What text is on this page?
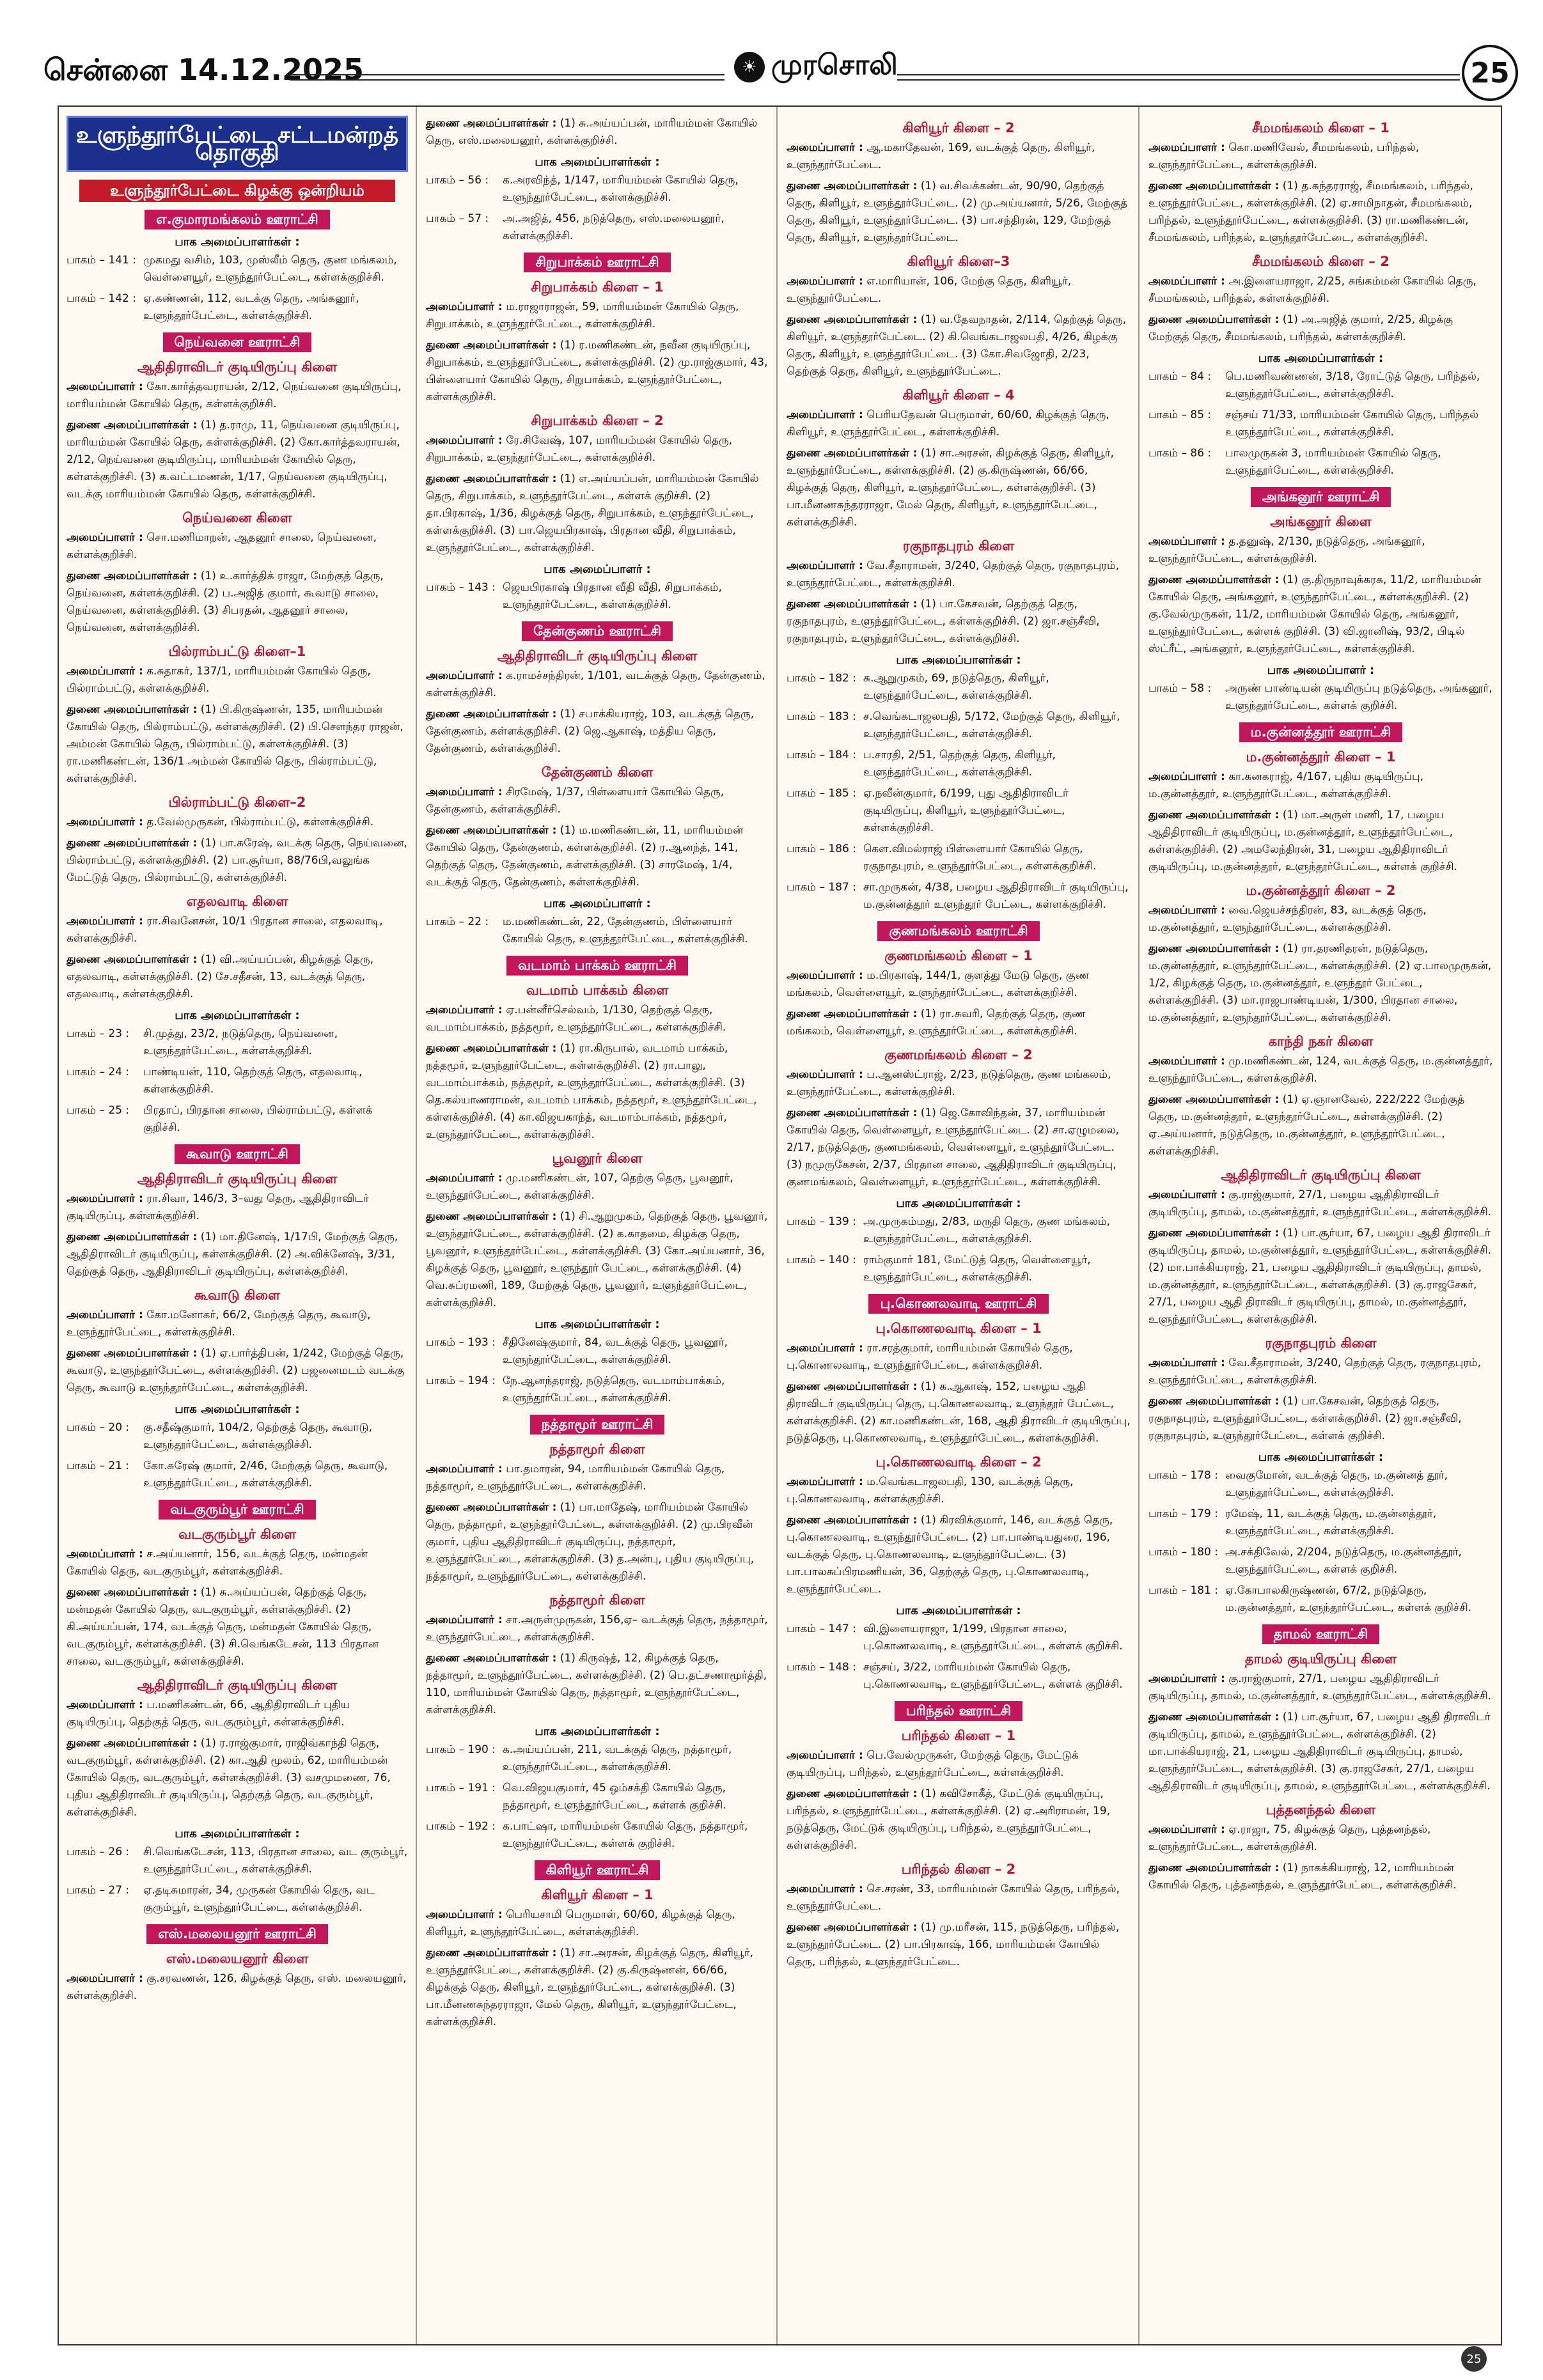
சென்னை 14.12.2025	☀ முரசொலி	25
உளுந்தூர்பேட்டை சட்டமன்றத் தொகுதி
உளுந்தூர்பேட்டை கிழக்கு ஒன்றியம்
எ.குமாரமங்கலம் ஊராட்சி
பாக அமைப்பாளர்கள் :
பாகம் – 141 : முகமது வசிம், 103, முஸ்லீம் தெரு, குண மங்கலம், வெள்ளையூர், உளுந்தூர்பேட்டை, கள்ளக்குறிச்சி.
பாகம் – 142 : ஏ.கண்ணன், 112, வடக்கு தெரு, அங்கனூர், உளுந்தூர்பேட்டை, கள்ளக்குறிச்சி.
நெய்வனை ஊராட்சி
ஆதிதிராவிடர் குடியிருப்பு கிளை
அமைப்பாளர் : கோ.கார்த்தவராயன், 2/12, நெய்வனை குடியிருப்பு, மாரியம்மன் கோயில் தெரு, கள்ளக்குறிச்சி.
துணை அமைப்பாளர்கள் : (1) த.ராமு, 11, நெய்வனை குடியிருப்பு, மாரியம்மன் கோயில் தெரு, கள்ளக்குறிச்சி. (2) கோ.கார்த்தவராயன், 2/12, நெய்வனை குடியிருப்பு, மாரியம்மன் கோயில் தெரு, கள்ளக்குறிச்சி. (3) க.வட்டமணன், 1/17, நெய்வனை குடியிருப்பு, வடக்கு மாரியம்மன் கோயில் தெரு, கள்ளக்குறிச்சி.
நெய்வனை கிளை
அமைப்பாளர் : சொ.மணிமாறன், ஆதனூர் சாலை, நெய்வனை, கள்ளக்குறிச்சி.
துணை அமைப்பாளர்கள் : (1) உ.கார்த்திக் ராஜா, மேற்குத் தெரு, நெய்வனை, கள்ளக்குறிச்சி. (2) ப.அஜித் குமார், கூவாடு சாலை, நெய்வனை, கள்ளக்குறிச்சி. (3) சிபரதன், ஆதனூர் சாலை, நெய்வனை, கள்ளக்குறிச்சி.
பில்ராம்பட்டு கிளை–1
அமைப்பாளர் : க.சுதாகர், 137/1, மாரியம்மன் கோயில் தெரு, பில்ராம்பட்டு, கள்ளக்குறிச்சி.
துணை அமைப்பாளர்கள் : (1) பி.கிருஷ்ணன், 135, மாரியம்மன் கோயில் தெரு, பில்ராம்பட்டு, கள்ளக்குறிச்சி. (2) பி.செளந்தர ராஜன், அம்மன் கோயில் தெரு, பில்ராம்பட்டு, கள்ளக்குறிச்சி. (3) ரா.மணிகண்டன், 136/1 அம்மன் கோயில் தெரு, பில்ராம்பட்டு, கள்ளக்குறிச்சி.
பில்ராம்பட்டு கிளை–2
அமைப்பாளர் : த.வேல்முருகன், பில்ராம்பட்டு, கள்ளக்குறிச்சி.
துணை அமைப்பாளர்கள் : (1) பா.சுரேஷ், வடக்கு தெரு, நெய்வனை, பில்ராம்பட்டு, கள்ளக்குறிச்சி. (2) பா.சூர்யா, 88/76பி,வலுங்க மேட்டுத் தெரு, பில்ராம்பட்டு, கள்ளக்குறிச்சி.
எதலவாடி கிளை
அமைப்பாளர் : ரா.சிவனேசன், 10/1 பிரதான சாலை, எதலவாடி, கள்ளக்குறிச்சி.
துணை அமைப்பாளர்கள் : (1) வி.அய்யப்பன், கிழக்குத் தெரு, எதலவாடி, கள்ளக்குறிச்சி. (2) சே.சதீசன், 13, வடக்குத் தெரு, எதலவாடி, கள்ளக்குறிச்சி.
பாக அமைப்பாளர்கள் :
பாகம் – 23 :	சி.முத்து, 23/2, நடுத்தெரு, நெய்வனை, உளுந்தூர்பேட்டை, கள்ளக்குறிச்சி.
பாகம் – 24 :	பாண்டியன், 110, தெற்குத் தெரு, எதலவாடி, கள்ளக்குறிச்சி.
பாகம் – 25 :	பிரதாப், பிரதான சாலை, பில்ராம்பட்டு, கள்ளக் குறிச்சி.
கூவாடு ஊராட்சி
ஆதிதிராவிடர் குடியிருப்பு கிளை
அமைப்பாளர் : ரா.சிவா, 146/3, 3–வது தெரு, ஆதிதிராவிடர் குடியிருப்பு, கள்ளக்குறிச்சி.
துணை அமைப்பாளர்கள் : (1) மா.தினேஷ், 1/17பி, மேற்குத் தெரு, ஆதிதிராவிடர் குடியிருப்பு, கள்ளக்குறிச்சி. (2) அ.விக்னேஷ், 3/31, தெற்குத் தெரு, ஆதிதிராவிடர் குடியிருப்பு, கள்ளக்குறிச்சி.
கூவாடு கிளை
அமைப்பாளர் : கோ.மனோகர், 66/2, மேற்குத் தெரு, கூவாடு, உளுந்தூர்பேட்டை, கள்ளக்குறிச்சி.
துணை அமைப்பாளர்கள் : (1) ஏ.பார்த்திபன், 1/242, மேற்குத் தெரு, கூவாடு, உளுந்தூர்பேட்டை, கள்ளக்குறிச்சி. (2) பஜனைமடம் வடக்கு தெரு, கூவாடு உளுந்தூர்பேட்டை, கள்ளக்குறிச்சி.
பாக அமைப்பாளர்கள் :
பாகம் – 20 :	கு.சதீஷ்குமார், 104/2, தெற்குத் தெரு, கூவாடு, உளுந்தூர்பேட்டை, கள்ளக்குறிச்சி.
பாகம் – 21 :	கோ.சுரேஷ் குமார், 2/46, மேற்குத் தெரு, கூவாடு, உளுந்தூர்பேட்டை, கள்ளக்குறிச்சி.
வடகுரும்பூர் ஊராட்சி
வடகுரும்பூர் கிளை
அமைப்பாளர் : ச.அய்யனார், 156, வடக்குத் தெரு, மன்மதன் கோயில் தெரு, வடகுரும்பூர், கள்ளக்குறிச்சி.
துணை அமைப்பாளர்கள் : (1) சு.அய்யப்பன், தெற்குத் தெரு, மன்மதன் கோயில் தெரு, வடகுரும்பூர், கள்ளக்குறிச்சி. (2) கி.அய்யப்பன், 174, வடக்குத் தெரு, மன்மதன் கோயில் தெரு, வடகுரும்பூர், கள்ளக்குறிச்சி. (3) சி.வெங்கடேசன், 113 பிரதான சாலை, வடகுரும்பூர், கள்ளக்குறிச்சி.
ஆதிதிராவிடர் குடியிருப்பு கிளை
அமைப்பாளர் : ப.மணிகண்டன், 66, ஆதிதிராவிடர் புதிய குடியிருப்பு, தெற்குத் தெரு, வடகுரும்பூர், கள்ளக்குறிச்சி.
துணை அமைப்பாளர்கள் : (1) ர.ராஜ்குமார், ராஜிவ்காந்தி தெரு, வடகுரும்பூர், கள்ளக்குறிச்சி. (2) கா.ஆதி மூலம், 62, மாரியம்மன் கோயில் தெரு, வடகுரும்பூர், கள்ளக்குறிச்சி. (3) வசமுமணை, 76, புதிய ஆதிதிராவிடர் குடியிருப்பு, தெற்குத் தெரு, வடகுரும்பூர், கள்ளக்குறிச்சி.
பாக அமைப்பாளர்கள் :
பாகம் – 26 :	சி.வெங்கடேசன், 113, பிரதான சாலை, வட குரும்பூர், உளுந்தூர்பேட்டை, கள்ளக்குறிச்சி.
பாகம் – 27 :	ஏ.தடிசுமாரன், 34, முருகன் கோயில் தெரு, வட குரும்பூர், உளுந்தூர்பேட்டை, கள்ளக்குறிச்சி.
எஸ்.மலையனூர் ஊராட்சி
எஸ்.மலையனூர் கிளை
அமைப்பாளர் : கு.சரவணன், 126, கிழக்குத் தெரு, எஸ். மலையனூர், கள்ளக்குறிச்சி.
துணை அமைப்பாளர்கள் : (1) சு.அய்யப்பன், மாரியம்மன் கோயில் தெரு, எஸ்.மலையனூர், கள்ளக்குறிச்சி.
பாக அமைப்பாளர்கள் :
பாகம் – 56 :	க.அரவிந்த், 1/147, மாரியம்மன் கோயில் தெரு, உளுந்தூர்பேட்டை, கள்ளக்குறிச்சி.
பாகம் – 57 :	அ.அஜித், 456, நடுத்தெரு, எஸ்.மலையனூர், கள்ளக்குறிச்சி.
சிறுபாக்கம் ஊராட்சி
சிறுபாக்கம் கிளை – 1
அமைப்பாளர் : ம.ராஜாராஜன், 59, மாரியம்மன் கோயில் தெரு, சிறுபாக்கம், உளுந்தூர்பேட்டை, கள்ளக்குறிச்சி.
துணை அமைப்பாளர்கள் : (1) ர.மணிகண்டன், நவீன குடியிருப்பு, சிறுபாக்கம், உளுந்தூர்பேட்டை, கள்ளக்குறிச்சி. (2) மு.ராஜ்குமார், 43, பிள்ளையார் கோயில் தெரு, சிறுபாக்கம், உளுந்தூர்பேட்டை, கள்ளக்குறிச்சி.
சிறுபாக்கம் கிளை – 2
அமைப்பாளர் : ரே.சிவேஷ், 107, மாரியம்மன் கோயில் தெரு, சிறுபாக்கம், உளுந்தூர்பேட்டை, கள்ளக்குறிச்சி.
துணை அமைப்பாளர்கள் : (1) எ.அய்யப்பன், மாரியம்மன் கோயில் தெரு, சிறுபாக்கம், உளுந்தூர்பேட்டை, கள்ளக் குறிச்சி. (2) தா.பிரகாஷ், 1/36, கிழக்குத் தெரு, சிறுபாக்கம், உளுந்தூர்பேட்டை, கள்ளக்குறிச்சி. (3) பா.ஜெயபிரகாஷ், பிரதான வீதி, சிறுபாக்கம், உளுந்தூர்பேட்டை, கள்ளக்குறிச்சி.
பாக அமைப்பாளர் :
பாகம் – 143 : ஜெயபிரகாஷ் பிரதான வீதி வீதி, சிறுபாக்கம், உளுந்தூர்பேட்டை, கள்ளக்குறிச்சி.
தேன்குணம் ஊராட்சி
ஆதிதிராவிடர் குடியிருப்பு கிளை
அமைப்பாளர் : க.ராமச்சந்திரன், 1/101, வடக்குத் தெரு, தேன்குணம், கள்ளக்குறிச்சி.
துணை அமைப்பாளர்கள் : (1) சபாக்கியராஜ், 103, வடக்குத் தெரு, தேன்குணம், கள்ளக்குறிச்சி. (2) ஜெ.ஆகாஷ், மத்திய தெரு, தேன்குணம், கள்ளக்குறிச்சி.
தேன்குணம் கிளை
அமைப்பாளர் : சிரமேஷ், 1/37, பிள்ளையார் கோயில் தெரு, தேன்குணம், கள்ளக்குறிச்சி.
துணை அமைப்பாளர்கள் : (1) ம.மணிகண்டன், 11, மாரியம்மன் கோயில் தெரு, தேன்குணம், கள்ளக்குறிச்சி. (2) ர.ஆனந்த், 141, தெற்குத் தெரு, தேன்குணம், கள்ளக்குறிச்சி. (3) சாரமேஷ், 1/4, வடக்குத் தெரு, தேன்குணம், கள்ளக்குறிச்சி.
பாக அமைப்பாளர் :
பாகம் – 22 :	ம.மணிகண்டன், 22, தேன்குணம், பிள்ளையார் கோயில் தெரு, உளுந்தூர்பேட்டை, கள்ளக்குறிச்சி.
வடமாம் பாக்கம் ஊராட்சி
வடமாம் பாக்கம் கிளை
அமைப்பாளர் : ஏ.பன்னீர்செல்வம், 1/130, தெற்குத் தெரு, வடமாம்பாக்கம், நத்தமூர், உளுந்தூர்பேட்டை, கள்ளக்குறிச்சி.
துணை அமைப்பாளர்கள் : (1) ரா.கிருபால், வடமாம் பாக்கம், நத்தமூர், உளுந்தூர்பேட்டை, கள்ளக்குறிச்சி. (2) ரா.பாலு, வடமாம்பாக்கம், நத்தமூர், உளுந்தூர்பேட்டை, கள்ளக்குறிச்சி. (3) தெ.கல்யாணராமன், வடமாம் பாக்கம், நத்தமூர், உளுந்தூர்பேட்டை, கள்ளக்குறிச்சி. (4) கா.விஜயகாந்த், வடமாம்பாக்கம், நத்தமூர், உளுந்தூர்பேட்டை, கள்ளக்குறிச்சி.
பூவனூர் கிளை
அமைப்பாளர் : மு.மணிகண்டன், 107, தெற்கு தெரு, பூவனூர், உளுந்தூர்பேட்டை, கள்ளக்குறிச்சி.
துணை அமைப்பாளர்கள் : (1) சி.ஆறுமுகம், தெற்குத் தெரு, பூவனூர், உளுந்தூர்பேட்டை, கள்ளக்குறிச்சி. (2) க.காதமை, கிழக்கு தெரு, பூவனூர், உளுந்தூர்பேட்டை, கள்ளக்குறிச்சி. (3) கோ.அய்யனார், 36, கிழக்குத் தெரு, பூவனூர், உளுந்தூர் பேட்டை, கள்ளக்குறிச்சி. (4) வெ.சுப்ரமணி, 189, மேற்குத் தெரு, பூவனூர், உளுந்தூர்பேட்டை, கள்ளக்குறிச்சி.
பாக அமைப்பாளர்கள் :
பாகம் – 193 : சீதினேஷ்குமார், 84, வடக்குத் தெரு, பூவனூர், உளுந்தூர்பேட்டை, கள்ளக்குறிச்சி.
பாகம் – 194 : நே.ஆனந்தராஜ், நடுத்தெரு, வடமாம்பாக்கம், உளுந்தூர்பேட்டை, கள்ளக்குறிச்சி.
நத்தாமூர் ஊராட்சி
நத்தாமூர் கிளை
அமைப்பாளர் : பா.தமாரன், 94, மாரியம்மன் கோயில் தெரு, நத்தாமூர், உளுந்தூர்பேட்டை, கள்ளக்குறிச்சி.
துணை அமைப்பாளர்கள் : (1) பா.மாதேஷ், மாரியம்மன் கோயில் தெரு, நத்தாமூர், உளுந்தூர்பேட்டை, கள்ளக்குறிச்சி. (2) மு.பிரவீன் குமார், புதிய ஆதிதிராவிடர் குடியிருப்பு, நத்தாமூர், உளுந்தூர்பேட்டை, கள்ளக்குறிச்சி. (3) த.அன்பு, புதிய குடியிருப்பு, நத்தாமூர், உளுந்தூர்பேட்டை, கள்ளக்குறிச்சி.
நத்தாமூர் கிளை
அமைப்பாளர் : சா.அருள்முருகன், 156,ஏ– வடக்குத் தெரு, நத்தாமூர், உளுந்தூர்பேட்டை, கள்ளக்குறிச்சி.
துணை அமைப்பாளர்கள் : (1) கிருஷ்த், 12, கிழக்குத் தெரு, நத்தாமூர், உளுந்தூர்பேட்டை, கள்ளக்குறிச்சி. (2) பெ.தட்சணாமூர்த்தி, 110, மாரியம்மன் கோயில் தெரு, நத்தாமூர், உளுந்தூர்பேட்டை, கள்ளக்குறிச்சி.
பாக அமைப்பாளர்கள் :
பாகம் – 190 : க.அய்யப்பன், 211, வடக்குத் தெரு, நத்தாமூர், உளுந்தூர்பேட்டை, கள்ளக்குறிச்சி.
பாகம் – 191 : வெ.விஜயகுமார், 45 ஒம்சக்தி கோயில் தெரு, நத்தாமூர், உளுந்தூர்பேட்டை, கள்ளக் குறிச்சி.
பாகம் – 192 : க.பாட்ஷா, மாரியம்மன் கோயில் தெரு, நத்தாமூர், உளுந்தூர்பேட்டை, கள்ளக் குறிச்சி.
கிளியூர் ஊராட்சி
கிளியூர் கிளை – 1
அமைப்பாளர் : பெரியசாமி பெருமாள், 60/60, கிழக்குத் தெரு, கிளியூர், உளுந்தூர்பேட்டை, கள்ளக்குறிச்சி.
துணை அமைப்பாளர்கள் : (1) சா.அரசன், கிழக்குத் தெரு, கிளியூர், உளுந்தூர்பேட்டை, கள்ளக்குறிச்சி. (2) கு.கிருஷ்ணன், 66/66, கிழக்குத் தெரு, கிளியூர், உளுந்தூர்பேட்டை, கள்ளக்குறிச்சி. (3) பா.மீனணசுந்தரராஜா, மேல் தெரு, கிளியூர், உளுந்தூர்பேட்டை, கள்ளக்குறிச்சி.
கிளியூர் கிளை – 2
அமைப்பாளர் : ஆ.மகாதேவன், 169, வடக்குத் தெரு, கிளியூர், உளுந்தூர்பேட்டை.
துணை அமைப்பாளர்கள் : (1) வ.சிவக்கண்டன், 90/90, தெற்குத் தெரு, கிளியூர், உளுந்தூர்பேட்டை. (2) மு.அய்யனார், 5/26, மேற்குத் தெரு, கிளியூர், உளுந்தூர்பேட்டை. (3) பா.சந்திரன், 129, மேற்குத் தெரு, கிளியூர், உளுந்தூர்பேட்டை.
கிளியூர் கிளை–3
அமைப்பாளர் : எ.மாரியான், 106, மேற்கு தெரு, கிளியூர், உளுந்தூர்பேட்டை.
துணை அமைப்பாளர்கள் : (1) வ.தேவநாதன், 2/114, தெற்குத் தெரு, கிளியூர், உளுந்தூர்பேட்டை. (2) கி.வெங்கடாஜலபதி, 4/26, கிழக்கு தெரு, கிளியூர், உளுந்தூர்பேட்டை. (3) கோ.சிவஜோதி, 2/23, தெற்குத் தெரு, கிளியூர், உளுந்தூர்பேட்டை.
கிளியூர் கிளை – 4
அமைப்பாளர் : பெரியதேவன் பெருமாள், 60/60, கிழக்குத் தெரு, கிளியூர், உளுந்தூர்பேட்டை, கள்ளக்குறிச்சி.
துணை அமைப்பாளர்கள் : (1) சா.அரசன், கிழக்குத் தெரு, கிளியூர், உளுந்தூர்பேட்டை, கள்ளக்குறிச்சி. (2) கு.கிருஷ்ணன், 66/66, கிழக்குத் தெரு, கிளியூர், உளுந்தூர்பேட்டை, கள்ளக்குறிச்சி. (3) பா.மீனணசுந்தரராஜா, மேல் தெரு, கிளியூர், உளுந்தூர்பேட்டை, கள்ளக்குறிச்சி.
ரகுநாதபுரம் கிளை
அமைப்பாளர் : வே.சீதாராமன், 3/240, தெற்குத் தெரு, ரகுநாதபுரம், உளுந்தூர்பேட்டை, கள்ளக்குறிச்சி.
துணை அமைப்பாளர்கள் : (1) பா.கேசவன், தெற்குத் தெரு, ரகுநாதபுரம், உளுந்தூர்பேட்டை, கள்ளக்குறிச்சி. (2) ஜா.சஞ்சீவி, ரகுநாதபுரம், உளுந்தூர்பேட்டை, கள்ளக்குறிச்சி.
பாக அமைப்பாளர்கள் :
பாகம் – 182 : சு.ஆறுமுகம், 69, நடுத்தெரு, கிளியூர், உளுந்தூர்பேட்டை, கள்ளக்குறிச்சி.
பாகம் – 183 : ச.வெங்கடாஜலபதி, 5/172, மேற்குத் தெரு, கிளியூர், உளுந்தூர்பேட்டை, கள்ளக்குறிச்சி.
பாகம் – 184 : ப.சாரதி, 2/51, தெற்குத் தெரு, கிளியூர், உளுந்தூர்பேட்டை, கள்ளக்குறிச்சி.
பாகம் – 185 : ஏ.நவீன்குமார், 6/199, புது ஆதிதிராவிடர் குடியிருப்பு, கிளியூர், உளுந்தூர்பேட்டை, கள்ளக்குறிச்சி.
பாகம் – 186 : கௌ.விமல்ராஜ் பிள்ளையார் கோயில் தெரு, ரகுநாதபுரம், உளுந்தூர்பேட்டை, கள்ளக்குறிச்சி.
பாகம் – 187 : சா.முருகன், 4/38, பழைய ஆதிதிராவிடர் குடியிருப்பு, ம.குன்னத்தூர் உளுந்தூர் பேட்டை, கள்ளக்குறிச்சி.
குணமங்கலம் ஊராட்சி
குணமங்கலம் கிளை – 1
அமைப்பாளர் : ம.பிரகாஷ், 144/1, குளத்து மேடு தெரு, குண மங்கலம், வெள்ளையூர், உளுந்தூர்பேட்டை, கள்ளக்குறிச்சி.
துணை அமைப்பாளர்கள் : (1) ரா.சுவரி, தெற்குத் தெரு, குண மங்கலம், வெள்ளையூர், உளுந்தூர்பேட்டை, கள்ளக்குறிச்சி.
குணமங்கலம் கிளை – 2
அமைப்பாளர் : ப.ஆனஸ்ட்ராஜ், 2/23, நடுத்தெரு, குண மங்கலம், உளுந்தூர்பேட்டை, கள்ளக்குறிச்சி.
துணை அமைப்பாளர்கள் : (1) ஜெ.கோவிந்தன், 37, மாரியம்மன் கோயில் தெரு, வெள்ளையூர், உளுந்தூர்பேட்டை. (2) சா.ஏழுமலை, 2/17, நடுத்தெரு, குணமங்கலம், வெள்ளையூர், உளுந்தூர்பேட்டை. (3) நமுருகேசன், 2/37, பிரதான சாலை, ஆதிதிராவிடர் குடியிருப்பு, குணமங்கலம், வெள்ளையூர், உளுந்தூர்பேட்டை, கள்ளக்குறிச்சி.
பாக அமைப்பாளர்கள் :
பாகம் – 139 : அ.முருகம்மது, 2/83, மருதி தெரு, குண மங்கலம், உளுந்தூர்பேட்டை, கள்ளக்குறிச்சி.
பாகம் – 140 : ராம்குமார் 181, மேட்டுத் தெரு, வெள்ளையூர், உளுந்தூர்பேட்டை, கள்ளக்குறிச்சி.
பு.கொணலவாடி ஊராட்சி
பு.கொணலவாடி கிளை – 1
அமைப்பாளர் : ரா.சரத்குமார், மாரியம்மன் கோயில் தெரு, பு.கொணலவாடி, உளுந்தூர்பேட்டை, கள்ளக்குறிச்சி.
துணை அமைப்பாளர்கள் : (1) க.ஆகாஷ், 152, பழைய ஆதி திராவிடர் குடியிருப்பு தெரு, பு.கொணலவாடி, உளுந்தூர் பேட்டை, கள்ளக்குறிச்சி. (2) கா.மணிகண்டன், 168, ஆதி திராவிடர் குடியிருப்பு, நடுத்தெரு, பு.கொணலவாடி, உளுந்தூர்பேட்டை, கள்ளக்குறிச்சி.
பு.கொணலவாடி கிளை – 2
அமைப்பாளர் : ம.வெங்கடாஜலபதி, 130, வடக்குத் தெரு, பு.கொணலவாடி, கள்ளக்குறிச்சி.
துணை அமைப்பாளர்கள் : (1) கிரவிக்குமார், 146, வடக்குத் தெரு, பு.கொணலவாடி, உளுந்தூர்பேட்டை. (2) பா.பாண்டியதுரை, 196, வடக்குத் தெரு, பு.கொணலவாடி, உளுந்தூர்பேட்டை. (3) பா.பாலசுப்பிரமணியன், 36, தெற்குத் தெரு, பு.கொணலவாடி, உளுந்தூர்பேட்டை.
பாக அமைப்பாளர்கள் :
பாகம் – 147 : வி.இளையராஜா, 1/199, பிரதான சாலை, பு.கொணலவாடி, உளுந்தூர்பேட்டை, கள்ளக் குறிச்சி.
பாகம் – 148 : சஞ்சய், 3/22, மாரியம்மன் கோயில் தெரு, பு.கொணலவாடி, உளுந்தூர்பேட்டை, கள்ளக் குறிச்சி.
பரிந்தல் ஊராட்சி
பரிந்தல் கிளை – 1
அமைப்பாளர் : பெ.வேல்முருகன், மேற்குத் தெரு, மேட்டுக் குடியிருப்பு, பரிந்தல், உளுந்தூர்பேட்டை, கள்ளக்குறிச்சி.
துணை அமைப்பாளர்கள் : (1) கவிசோகீத், மேட்டுக் குடியிருப்பு, பரிந்தல், உளுந்தூர்பேட்டை, கள்ளக்குறிச்சி. (2) ஏ.அரிராமன், 19, நடுத்தெரு, மேட்டுக் குடியிருப்பு, பரிந்தல், உளுந்தூர்பேட்டை, கள்ளக்குறிச்சி.
பரிந்தல் கிளை – 2
அமைப்பாளர் : செ.சரண், 33, மாரியம்மன் கோயில் தெரு, பரிந்தல், உளுந்தூர்பேட்டை.
துணை அமைப்பாளர்கள் : (1) மு.மரீசன், 115, நடுத்தெரு, பரிந்தல், உளுந்தூர்பேட்டை. (2) பா.பிரகாஷ், 166, மாரியம்மன் கோயில் தெரு, பரிந்தல், உளுந்தூர்பேட்டை.
சீமமங்கலம் கிளை – 1
அமைப்பாளர் : கொ.மணிவேல், சீமமங்கலம், பரிந்தல், உளுந்தூர்பேட்டை, கள்ளக்குறிச்சி.
துணை அமைப்பாளர்கள் : (1) த.சுந்தரராஜ், சீமமங்கலம், பரிந்தல், உளுந்தூர்பேட்டை, கள்ளக்குறிச்சி. (2) ஏ.சாமிநாதன், சீமமங்கலம், பரிந்தல், உளுந்தூர்பேட்டை, கள்ளக்குறிச்சி. (3) ரா.மணிகண்டன், சீமமங்கலம், பரிந்தல், உளுந்தூர்பேட்டை, கள்ளக்குறிச்சி.
சீமமங்கலம் கிளை – 2
அமைப்பாளர் : அ.இளையராஜா, 2/25, சுங்கம்மன் கோயில் தெரு, சீமமங்கலம், பரிந்தல், கள்ளக்குறிச்சி.
துணை அமைப்பாளர்கள் : (1) அ.அஜித் குமார், 2/25, கிழக்கு மேற்குத் தெரு, சீமமங்கலம், பரிந்தல், கள்ளக்குறிச்சி.
பாக அமைப்பாளர்கள் :
பாகம் – 84 :	பெ.மணிவண்ணன், 3/18, ரோட்டுத் தெரு, பரிந்தல், உளுந்தூர்பேட்டை, கள்ளக்குறிச்சி.
பாகம் – 85 :	சஞ்சய் 71/33, மாரியம்மன் கோயில் தெரு, பரிந்தல் உளுந்தூர்பேட்டை, கள்ளக்குறிச்சி.
பாகம் – 86 :	பாலமுருகன் 3, மாரியம்மன் கோயில் தெரு, உளுந்தூர்பேட்டை, கள்ளக்குறிச்சி.
அங்கனூர் ஊராட்சி
அங்கனூர் கிளை
அமைப்பாளர் : த.தனுஷ், 2/130, நடுத்தெரு, அங்கனூர், உளுந்தூர்பேட்டை, கள்ளக்குறிச்சி.
துணை அமைப்பாளர்கள் : (1) கு.திருநாவுக்கரசு, 11/2, மாரியம்மன் கோயில் தெரு, அங்கனூர், உளுந்தூர்பேட்டை, கள்ளக்குறிச்சி. (2) கு.வேல்முருகன், 11/2, மாரியம்மன் கோயில் தெரு, அங்கனூர், உளுந்தூர்பேட்டை, கள்ளக் குறிச்சி. (3) வி.ஜானிஷ், 93/2, பிடில் ஸ்ட்ரீட், அங்கனூர், உளுந்தூர்பேட்டை, கள்ளக்குறிச்சி.
பாக அமைப்பாளர் :
பாகம் – 58 :	அருண் பாண்டியன் குடியிருப்பு நடுத்தெரு, அங்கனூர், உளுந்தூர்பேட்டை, கள்ளக் குறிச்சி.
ம.குன்னத்தூர் ஊராட்சி
ம.குன்னத்தூர் கிளை – 1
அமைப்பாளர் : கா.கனகராஜ், 4/167, புதிய குடியிருப்பு, ம.குன்னத்தூர், உளுந்தூர்பேட்டை, கள்ளக்குறிச்சி.
துணை அமைப்பாளர்கள் : (1) மா.அருள் மணி, 17, பழைய ஆதிதிராவிடர் குடியிருப்பு, ம.குன்னத்தூர், உளுந்தூர்பேட்டை, கள்ளக்குறிச்சி. (2) அமலேந்திரன், 31, பழைய ஆதிதிராவிடர் குடியிருப்பு, ம.குன்னத்தூர், உளுந்தூர்பேட்டை, கள்ளக் குறிச்சி.
ம.குன்னத்தூர் கிளை – 2
அமைப்பாளர் : வை.ஜெயச்சந்திரன், 83, வடக்குத் தெரு, ம.குன்னத்தூர், உளுந்தூர்பேட்டை, கள்ளக்குறிச்சி.
துணை அமைப்பாளர்கள் : (1) ரா.தரணிதரன், நடுத்தெரு, ம.குன்னத்தூர், உளுந்தூர்பேட்டை, கள்ளக்குறிச்சி. (2) ஏ.பாலமுருகன், 1/2, கிழக்குத் தெரு, ம.குன்னத்தூர், உளுந்தூர் பேட்டை, கள்ளக்குறிச்சி. (3) மா.ராஜபாண்டியன், 1/300, பிரதான சாலை, ம.குன்னத்தூர், உளுந்தூர்பேட்டை, கள்ளக்குறிச்சி.
காந்தி நகர் கிளை
அமைப்பாளர் : மு.மணிகண்டன், 124, வடக்குத் தெரு, ம.குன்னத்தூர், உளுந்தூர்பேட்டை, கள்ளக்குறிச்சி.
துணை அமைப்பாளர்கள் : (1) ஏ.ஞானவேல், 222/222 மேற்குத் தெரு, ம.குன்னத்தூர், உளுந்தூர்பேட்டை, கள்ளக்குறிச்சி. (2) ஏ.அய்யனார், நடுத்தெரு, ம.குன்னத்தூர், உளுந்தூர்பேட்டை, கள்ளக்குறிச்சி.
ஆதிதிராவிடர் குடியிருப்பு கிளை
அமைப்பாளர் : கு.ராஜ்குமார், 27/1, பழைய ஆதிதிராவிடர் குடியிருப்பு, தாமல், ம.குன்னத்தூர், உளுந்தூர்பேட்டை, கள்ளக்குறிச்சி.
துணை அமைப்பாளர்கள் : (1) பா.சூர்யா, 67, பழைய ஆதி திராவிடர் குடியிருப்பு, தாமல், ம.குன்னத்தூர், உளுந்தூர்பேட்டை, கள்ளக்குறிச்சி. (2) மா.பாக்கியராஜ், 21, பழைய ஆதிதிராவிடர் குடியிருப்பு, தாமல், ம.குன்னத்தூர், உளுந்தூர்பேட்டை, கள்ளக்குறிச்சி. (3) கு.ராஜசேகர், 27/1, பழைய ஆதி திராவிடர் குடியிருப்பு, தாமல், ம.குன்னத்தூர், உளுந்தூர்பேட்டை, கள்ளக்குறிச்சி.
ரகுநாதபுரம் கிளை
அமைப்பாளர் : வே.சீதாராமன், 3/240, தெற்குத் தெரு, ரகுநாதபுரம், உளுந்தூர்பேட்டை, கள்ளக்குறிச்சி.
துணை அமைப்பாளர்கள் : (1) பா.கேசவன், தெற்குத் தெரு, ரகுநாதபுரம், உளுந்தூர்பேட்டை, கள்ளக்குறிச்சி. (2) ஜா.சஞ்சீவி, ரகுநாதபுரம், உளுந்தூர்பேட்டை, கள்ளக் குறிச்சி.
பாக அமைப்பாளர்கள் :
பாகம் – 178 : வைகுமோன், வடக்குத் தெரு, ம.குன்னத் தூர், உளுந்தூர்பேட்டை, கள்ளக்குறிச்சி.
பாகம் – 179 : ரமேஷ், 11, வடக்குத் தெரு, ம.குன்னத்தூர், உளுந்தூர்பேட்டை, கள்ளக்குறிச்சி.
பாகம் – 180 : அ.சக்திவேல், 2/204, நடுத்தெரு, ம.குன்னத்தூர், உளுந்தூர்பேட்டை, கள்ளக் குறிச்சி.
பாகம் – 181 : ஏ.கோபாலகிருஷ்ணன், 67/2, நடுத்தெரு, ம.குன்னத்தூர், உளுந்தூர்பேட்டை, கள்ளக் குறிச்சி.
தாமல் ஊராட்சி
தாமல் குடியிருப்பு கிளை
அமைப்பாளர் : கு.ராஜ்குமார், 27/1, பழைய ஆதிதிராவிடர் குடியிருப்பு, தாமல், ம.குன்னத்தூர், உளுந்தூர்பேட்டை, கள்ளக்குறிச்சி.
துணை அமைப்பாளர்கள் : (1) பா.சூர்யா, 67, பழைய ஆதி திராவிடர் குடியிருப்பு, தாமல், உளுந்தூர்பேட்டை, கள்ளக்குறிச்சி. (2) மா.பாக்கியராஜ், 21, பழைய ஆதிதிராவிடர் குடியிருப்பு, தாமல், உளுந்தூர்பேட்டை, கள்ளக்குறிச்சி. (3) கு.ராஜசேகர், 27/1, பழைய ஆதிதிராவிடர் குடியிருப்பு, தாமல், உளுந்தூர்பேட்டை, கள்ளக்குறிச்சி.
புத்தனந்தல் கிளை
அமைப்பாளர் : ஏ.ராஜா, 75, கிழக்குத் தெரு, புத்தனந்தல், உளுந்தூர்பேட்டை, கள்ளக்குறிச்சி.
துணை அமைப்பாளர்கள் : (1) நாகக்கியராஜ், 12, மாரியம்மன் கோயில் தெரு, புத்தனந்தல், உளுந்தூர்பேட்டை, கள்ளக்குறிச்சி.
25
